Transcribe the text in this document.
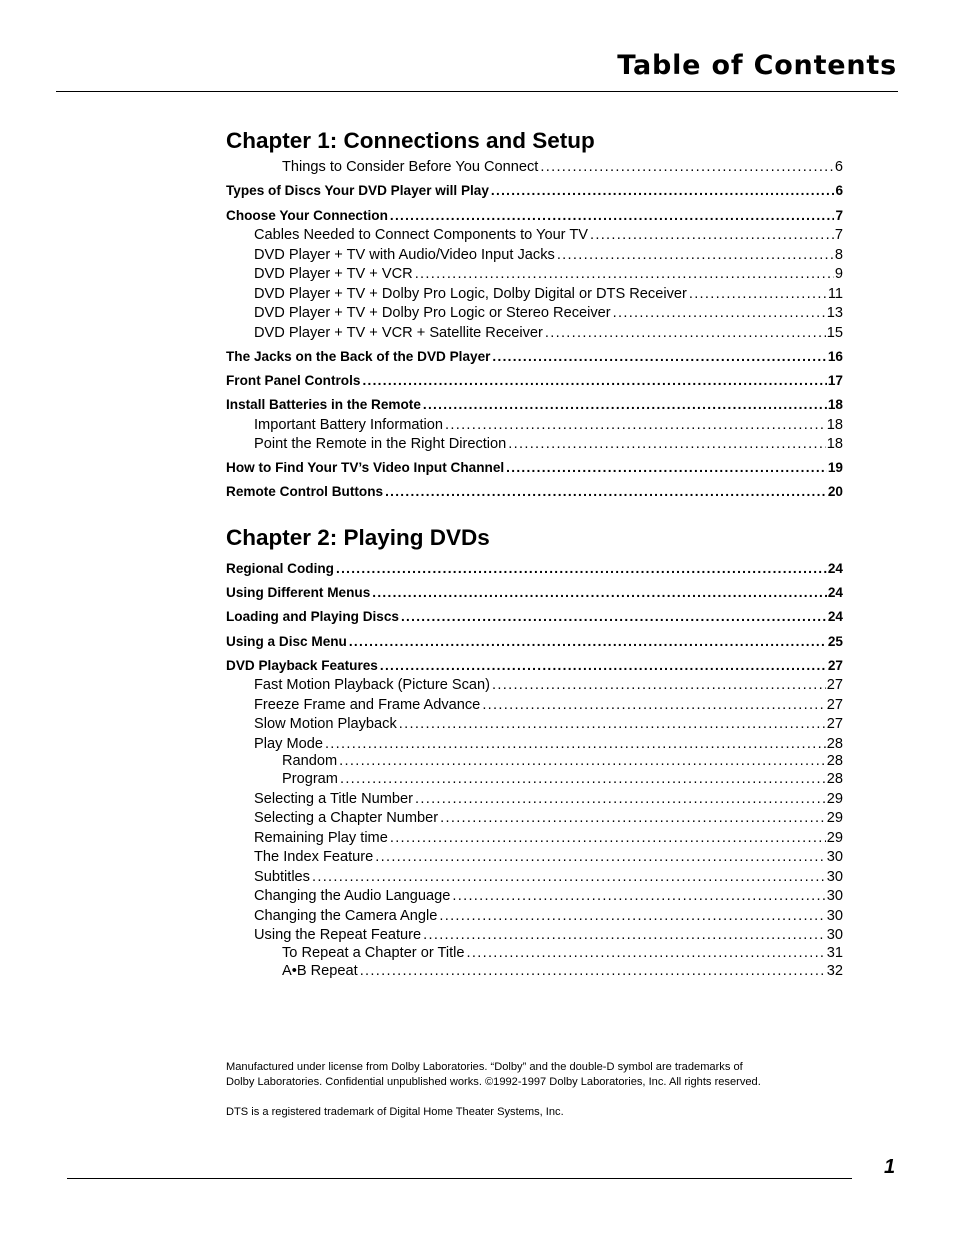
Table of Contents
Chapter 1: Connections and Setup
Things to Consider Before You Connect .....	6
Types of Discs Your DVD Player will Play .....	6
Choose Your Connection .....	7
Cables Needed to Connect Components to Your TV .....	7
DVD Player + TV with Audio/Video Input Jacks .....	8
DVD Player + TV + VCR .....	9
DVD Player + TV + Dolby Pro Logic, Dolby Digital or DTS Receiver .....	11
DVD Player + TV + Dolby Pro Logic or Stereo Receiver .....	13
DVD Player + TV + VCR + Satellite Receiver .....	15
The Jacks on the Back of the DVD Player .....	16
Front Panel Controls .....	17
Install Batteries in the Remote .....	18
Important Battery Information .....	18
Point the Remote in the Right Direction .....	18
How to Find Your TV’s Video Input Channel .....	19
Remote Control Buttons .....	20
Chapter 2: Playing DVDs
Regional Coding .....	24
Using Different Menus .....	24
Loading and Playing Discs .....	24
Using a Disc Menu .....	25
DVD Playback Features .....	27
Fast Motion Playback (Picture Scan) .....	27
Freeze Frame and Frame Advance .....	27
Slow Motion Playback .....	27
Play Mode .....	28
Random .....	28
Program .....	28
Selecting a Title Number .....	29
Selecting a Chapter Number .....	29
Remaining Play time .....	29
The Index Feature .....	30
Subtitles .....	30
Changing the Audio Language .....	30
Changing the Camera Angle .....	30
Using the Repeat Feature .....	30
To Repeat a Chapter or Title .....	31
A•B Repeat .....	32

Manufactured under license from Dolby Laboratories. “Dolby” and the double-D symbol are trademarks of

Dolby Laboratories. Confidential unpublished works. ©1992-1997 Dolby Laboratories, Inc. All rights reserved.

DTS is a registered trademark of Digital Home Theater Systems, Inc.

1
